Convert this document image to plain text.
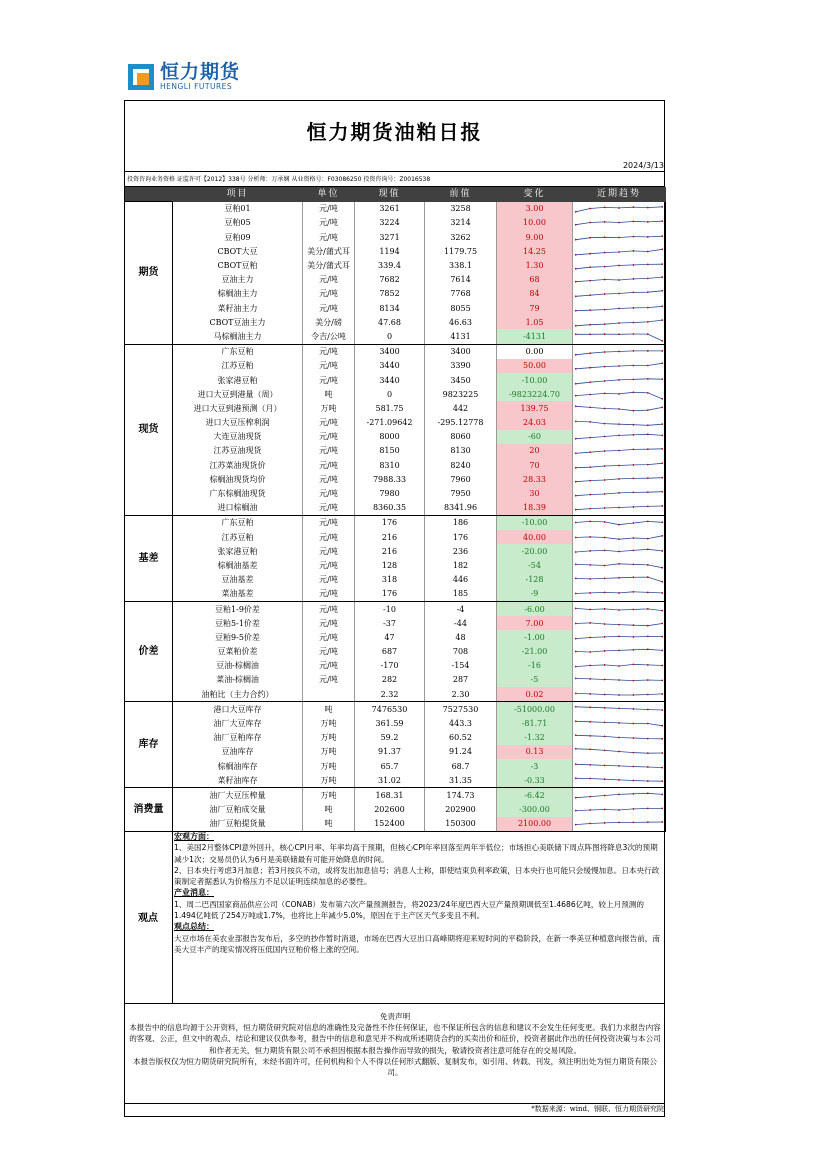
恒力期货
HENGLI FUTURES
恒力期货油粕日报
2024/3/13
投资咨询业务资格 证监许可【2012】338号 分析师：万承娴 从业资格号：F03086250 投资咨询号：Z0016538
	项目	单位	现值	前值	变化	近期趋势
期货	豆粕01	元/吨	3261	3258	3.00	

	豆粕05	元/吨	3224	3214	10.00	

	豆粕09	元/吨	3271	3262	9.00	

	CBOT大豆	美分/蒲式耳	1194	1179.75	14.25	

	CBOT豆粕	美分/蒲式耳	339.4	338.1	1.30	

	豆油主力	元/吨	7682	7614	68	

	棕榈油主力	元/吨	7852	7768	84	

	菜籽油主力	元/吨	8134	8055	79	

	CBOT豆油主力	美分/磅	47.68	46.63	1.05	

	马棕榈油主力	令吉/公吨	0	4131	-4131	

现货	广东豆粕	元/吨	3400	3400	0.00	

	江苏豆粕	元/吨	3440	3390	50.00	

	张家港豆粕	元/吨	3440	3450	-10.00	

	进口大豆到港量（周）	吨	0	9823225	-9823224.70	

	进口大豆到港预测（月）	万吨	581.75	442	139.75	

	进口大豆压榨利润	元/吨	-271.09642	-295.12778	24.03	

	大连豆油现货	元/吨	8000	8060	-60	

	江苏豆油现货	元/吨	8150	8130	20	

	江苏菜油现货价	元/吨	8310	8240	70	

	棕榈油现货均价	元/吨	7988.33	7960	28.33	

	广东棕榈油现货	元/吨	7980	7950	30	

	进口棕榈油	元/吨	8360.35	8341.96	18.39	

基差	广东豆粕	元/吨	176	186	-10.00	

	江苏豆粕	元/吨	216	176	40.00	

	张家港豆粕	元/吨	216	236	-20.00	

	棕榈油基差	元/吨	128	182	-54	

	豆油基差	元/吨	318	446	-128	

	菜油基差	元/吨	176	185	-9	

价差	豆粕1-9价差	元/吨	-10	-4	-6.00	

	豆粕5-1价差	元/吨	-37	-44	7.00	

	豆粕9-5价差	元/吨	47	48	-1.00	

	豆菜粕价差	元/吨	687	708	-21.00	

	豆油-棕榈油	元/吨	-170	-154	-16	

	菜油-棕榈油	元/吨	282	287	-5	

	油粕比（主力合约）		2.32	2.30	0.02	

库存	港口大豆库存	吨	7476530	7527530	-51000.00	

	油厂大豆库存	万吨	361.59	443.3	-81.71	

	油厂豆粕库存	万吨	59.2	60.52	-1.32	

	豆油库存	万吨	91.37	91.24	0.13	

	棕榈油库存	万吨	65.7	68.7	-3	

	菜籽油库存	万吨	31.02	31.35	-0.33	

消费量	油厂大豆压榨量	万吨	168.31	174.73	-6.42	

	油厂豆粕成交量	吨	202600	202900	-300.00	

	油厂豆粕提货量	吨	152400	150300	2100.00	
观点
宏观方面：
1、美国2月整体CPI意外回升，核心CPI月率、年率均高于预期，但核心CPI年率回落至两年半低位；市场担心美联储下周点阵图将降息3次的预期减少1次；交易员仍认为6月是美联储最有可能开始降息的时间。
2、日本央行考虑3月加息；若3月按兵不动，或将发出加息信号；消息人士称，即使结束负利率政策，日本央行也可能只会缓慢加息。日本央行政策制定者据悉认为价格压力不足以证明连续加息的必要性。
产业消息：
1、周二巴西国家商品供应公司（CONAB）发布第六次产量预测报告，将2023/24年度巴西大豆产量预期调低至1.4686亿吨，较上月预测的1.494亿吨低了254万吨或1.7%，也将比上年减少5.0%，原因在于主产区天气多变且不利。
观点总结：
大豆市场在美农业部报告发布后，多空的抄作暂时消退，市场在巴西大豆出口高峰期将迎来短时间的平稳阶段，在新一季美豆种植意向报告前，南美大豆丰产的现实情况将压低国内豆粕价格上涨的空间。
免责声明
本报告中的信息均源于公开资料，恒力期货研究院对信息的准确性及完备性不作任何保证，也不保证所包含的信息和建议不会发生任何变更。我们力求报告内容的客观、公正，但文中的观点、结论和建议仅供参考，报告中的信息和意见并不构成所述期货合约的买卖出价和征价，投资者据此作出的任何投资决策与本公司和作者无关，恒力期货有限公司不承担因根据本报告操作而导致的损失，敬请投资者注意可能存在的交易风险。
本报告版权仅为恒力期货研究院所有，未经书面许可，任何机构和个人不得以任何形式翻版、复制发布，如引用、转载、刊发，须注明出处为恒力期货有限公司。
*数据来源：wind、钢联、恒力期货研究院
